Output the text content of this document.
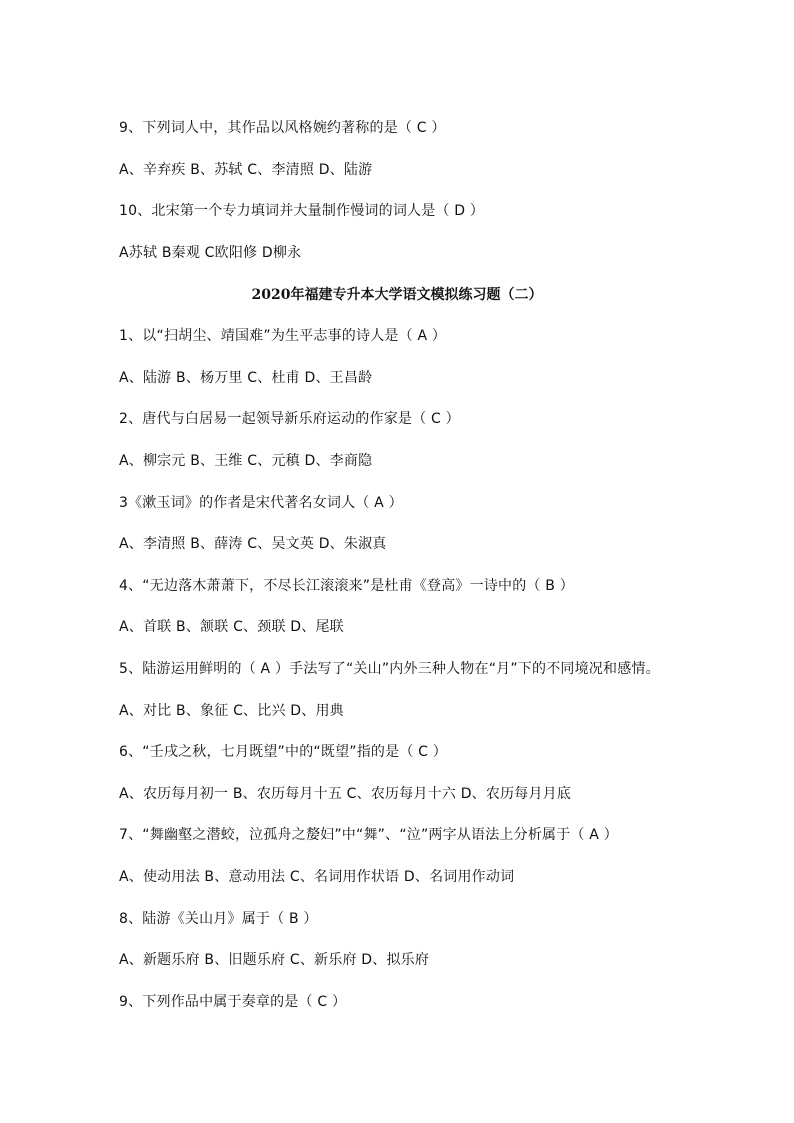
9、下列词人中，其作品以风格婉约著称的是（ C ）
A、辛弃疾 B、苏轼 C、李清照 D、陆游
10、北宋第一个专力填词并大量制作慢词的词人是（ D ）
A苏轼 B秦观 C欧阳修 D柳永
2020年福建专升本大学语文模拟练习题（二）
1、以“扫胡尘、靖国难”为生平志事的诗人是（ A ）
A、陆游 B、杨万里 C、杜甫 D、王昌龄
2、唐代与白居易一起领导新乐府运动的作家是（ C ）
A、柳宗元 B、王维 C、元稹 D、李商隐
3《漱玉词》的作者是宋代著名女词人（ A ）
A、李清照 B、薛涛 C、吴文英 D、朱淑真
4、“无边落木萧萧下，不尽长江滚滚来”是杜甫《登高》一诗中的（ B ）
A、首联 B、颔联 C、颈联 D、尾联
5、陆游运用鲜明的（ A ）手法写了“关山”内外三种人物在“月”下的不同境况和感情。
A、对比 B、象征 C、比兴 D、用典
6、“壬戌之秋，七月既望”中的“既望”指的是（ C ）
A、农历每月初一 B、农历每月十五 C、农历每月十六 D、农历每月月底
7、“舞幽壑之潜蛟，泣孤舟之嫠妇”中“舞”、“泣”两字从语法上分析属于（ A ）
A、使动用法 B、意动用法 C、名词用作状语 D、名词用作动词
8、陆游《关山月》属于（ B ）
A、新题乐府 B、旧题乐府 C、新乐府 D、拟乐府
9、下列作品中属于奏章的是（ C ）
